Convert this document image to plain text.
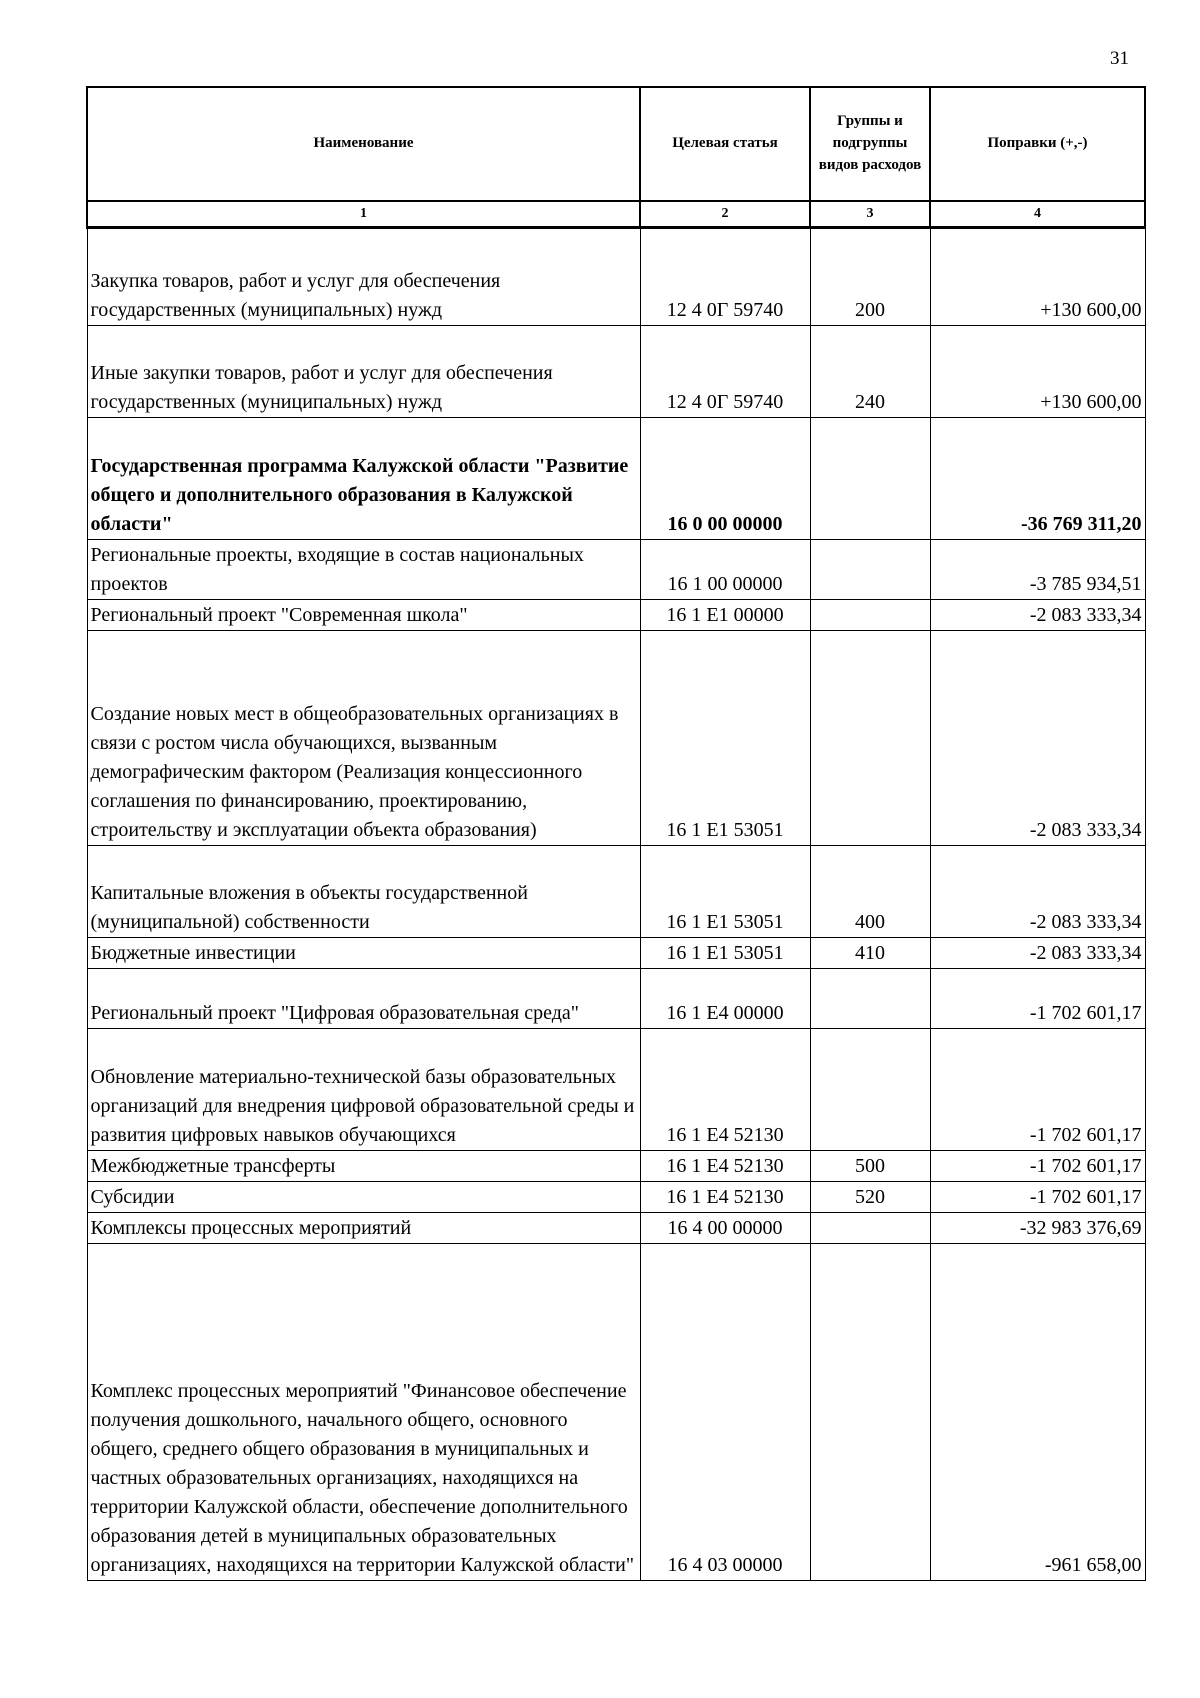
31
Наименование	Целевая статья	Группы и подгруппы видов расходов	Поправки (+,-)
1	2	3	4
Закупка товаров, работ и услуг для обеспечения государственных (муниципальных) нужд	12 4 0Г 59740	200	+130 600,00
Иные закупки товаров, работ и услуг для обеспечения государственных (муниципальных) нужд	12 4 0Г 59740	240	+130 600,00
Государственная программа Калужской области "Развитие общего и дополнительного образования в Калужской области"	16 0 00 00000		-36 769 311,20
Региональные проекты, входящие в состав национальных проектов	16 1 00 00000		-3 785 934,51
Региональный проект "Современная школа"	16 1 E1 00000		-2 083 333,34
Создание новых мест в общеобразовательных организациях в связи с ростом числа обучающихся, вызванным демографическим фактором (Реализация концессионного соглашения по финансированию, проектированию, строительству и эксплуатации объекта образования)	16 1 E1 53051		-2 083 333,34
Капитальные вложения в объекты государственной (муниципальной) собственности	16 1 E1 53051	400	-2 083 333,34
Бюджетные инвестиции	16 1 E1 53051	410	-2 083 333,34
Региональный проект "Цифровая образовательная среда"	16 1 E4 00000		-1 702 601,17
Обновление материально-технической базы образовательных организаций для внедрения цифровой образовательной среды и развития цифровых навыков обучающихся	16 1 E4 52130		-1 702 601,17
Межбюджетные трансферты	16 1 E4 52130	500	-1 702 601,17
Субсидии	16 1 E4 52130	520	-1 702 601,17
Комплексы процессных мероприятий	16 4 00 00000		-32 983 376,69
Комплекс процессных мероприятий "Финансовое обеспечение получения дошкольного, начального общего, основного общего, среднего общего образования в муниципальных и частных образовательных организациях, находящихся на территории Калужской области, обеспечение дополнительного образования детей в муниципальных образовательных организациях, находящихся на территории Калужской области"	16 4 03 00000		-961 658,00
